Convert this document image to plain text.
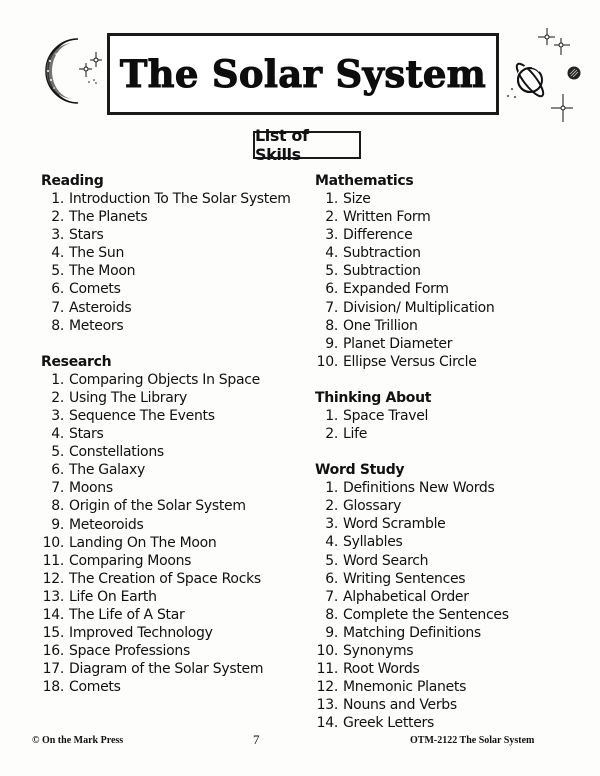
The Solar System
List of Skills
Reading
1. Introduction To The Solar System
2. The Planets
3. Stars
4. The Sun
5. The Moon
6. Comets
7. Asteroids
8. Meteors
Research
1. Comparing Objects In Space
2. Using The Library
3. Sequence The Events
4. Stars
5. Constellations
6. The Galaxy
7. Moons
8. Origin of the Solar System
9. Meteoroids
10. Landing On The Moon
11. Comparing Moons
12. The Creation of Space Rocks
13. Life On Earth
14. The Life of A Star
15. Improved Technology
16. Space Professions
17. Diagram of the Solar System
18. Comets
Mathematics
1. Size
2. Written Form
3. Difference
4. Subtraction
5. Subtraction
6. Expanded Form
7. Division/ Multiplication
8. One Trillion
9. Planet Diameter
10. Ellipse Versus Circle
Thinking About
1. Space Travel
2. Life
Word Study
1. Definitions New Words
2. Glossary
3. Word Scramble
4. Syllables
5. Word Search
6. Writing Sentences
7. Alphabetical Order
8. Complete the Sentences
9. Matching Definitions
10. Synonyms
11. Root Words
12. Mnemonic Planets
13. Nouns and Verbs
14. Greek Letters
© On the Mark Press	7	OTM-2122 The Solar System
